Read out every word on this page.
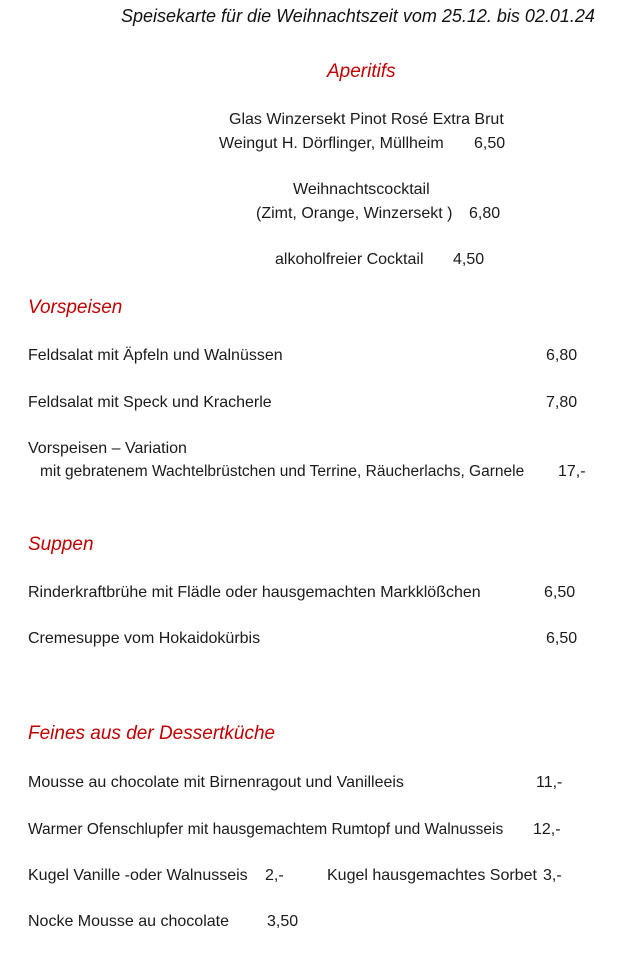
Speisekarte für die Weihnachtszeit vom 25.12. bis 02.01.24
Aperitifs
Glas Winzersekt Pinot Rosé Extra Brut
Weingut H. Dörflinger, Müllheim 6,50
Weihnachtscocktail
(Zimt, Orange, Winzersekt ) 6,80
alkoholfreier Cocktail 4,50
Vorspeisen
Feldsalat mit Äpfeln und Walnüssen	6,80
Feldsalat mit Speck und Kracherle	7,80
Vorspeisen – Variation
mit gebratenem Wachtelbrüstchen und Terrine, Räucherlachs, Garnele 17,-
Suppen
Rinderkraftbrühe mit Flädle oder hausgemachten Markklößchen	6,50
Cremesuppe vom Hokaidokürbis	6,50
Feines aus der Dessertküche
Mousse au chocolate mit Birnenragout und Vanilleeis	11,-
Warmer Ofenschlupfer mit hausgemachtem Rumtopf und Walnusseis 12,-
Kugel Vanille -oder Walnusseis 2,-	Kugel hausgemachtes Sorbet 3,-
Nocke Mousse au chocolate 3,50
